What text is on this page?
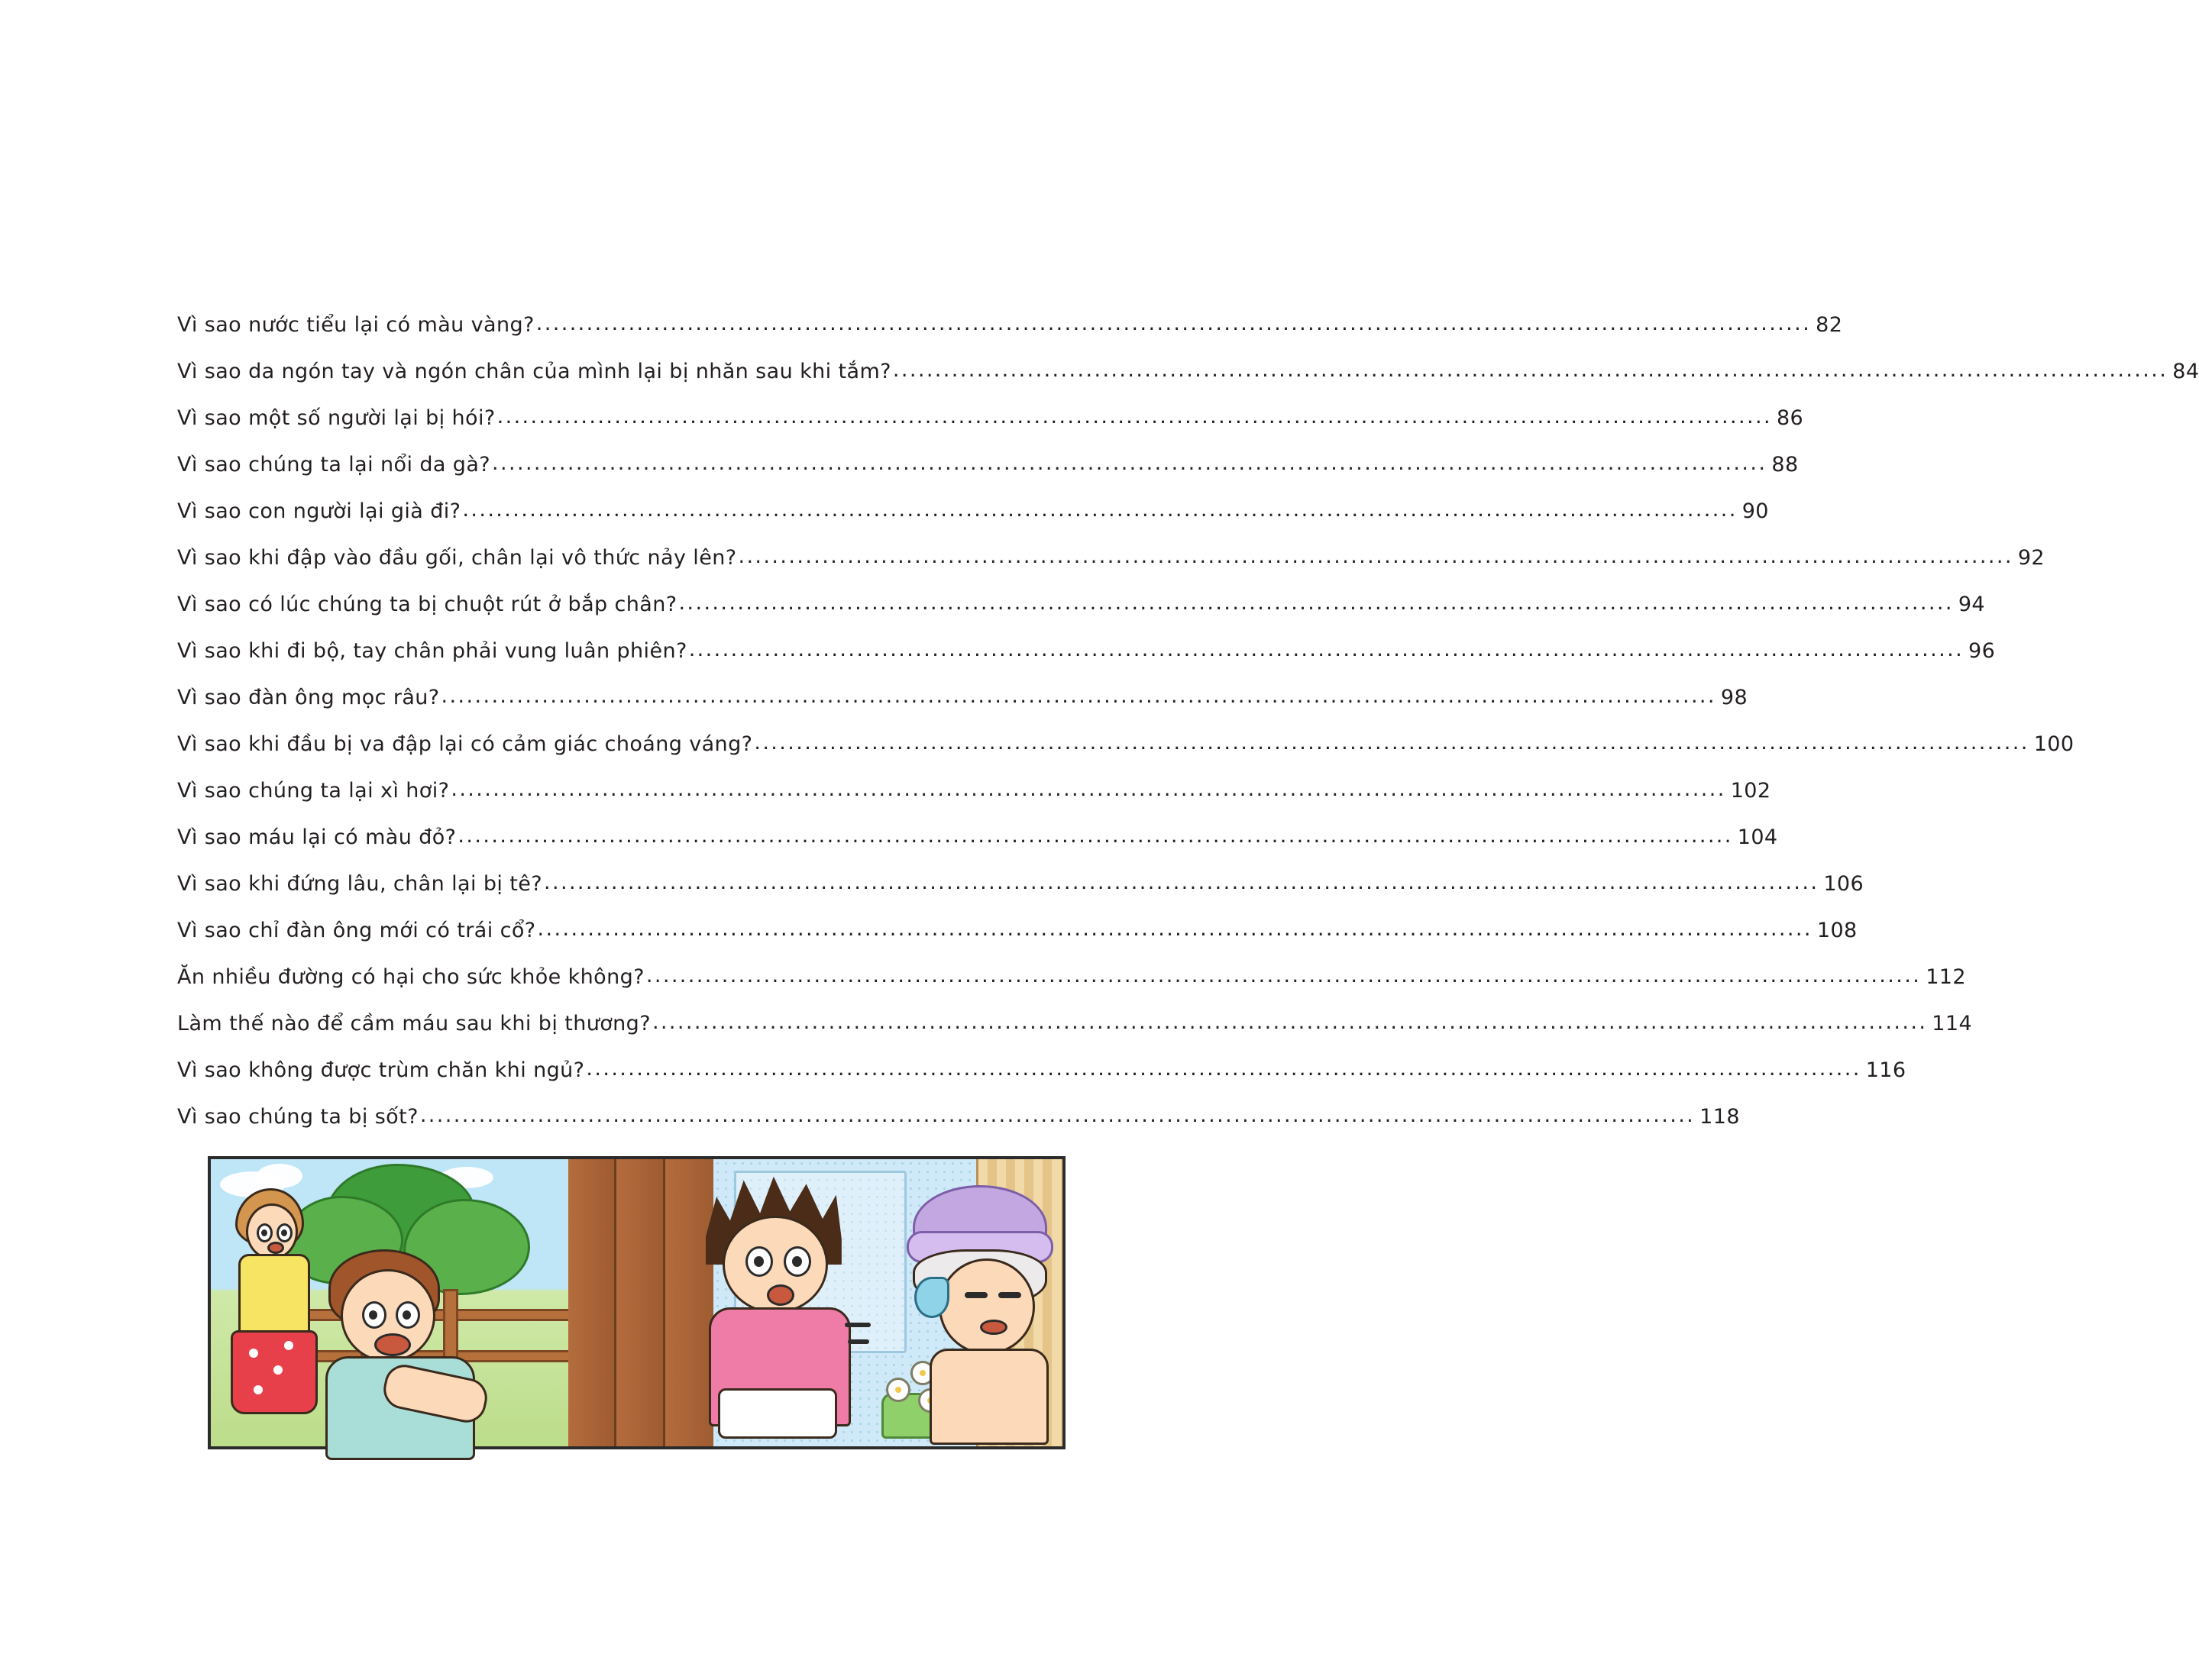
Vì sao nước tiểu lại có màu vàng? ........................................................................................................................................................ 82
Vì sao da ngón tay và ngón chân của mình lại bị nhăn sau khi tắm? ........................................................................................................................................................ 84
Vì sao một số người lại bị hói? ........................................................................................................................................................ 86
Vì sao chúng ta lại nổi da gà? ........................................................................................................................................................ 88
Vì sao con người lại già đi? ........................................................................................................................................................ 90
Vì sao khi đập vào đầu gối, chân lại vô thức nảy lên? ........................................................................................................................................................ 92
Vì sao có lúc chúng ta bị chuột rút ở bắp chân? ........................................................................................................................................................ 94
Vì sao khi đi bộ, tay chân phải vung luân phiên? ........................................................................................................................................................ 96
Vì sao đàn ông mọc râu? ........................................................................................................................................................ 98
Vì sao khi đầu bị va đập lại có cảm giác choáng váng? ........................................................................................................................................................ 100
Vì sao chúng ta lại xì hơi? ........................................................................................................................................................ 102
Vì sao máu lại có màu đỏ? ........................................................................................................................................................ 104
Vì sao khi đứng lâu, chân lại bị tê? ........................................................................................................................................................ 106
Vì sao chỉ đàn ông mới có trái cổ? ........................................................................................................................................................ 108
Ăn nhiều đường có hại cho sức khỏe không? ........................................................................................................................................................ 112
Làm thế nào để cầm máu sau khi bị thương? ........................................................................................................................................................ 114
Vì sao không được trùm chăn khi ngủ? ........................................................................................................................................................ 116
Vì sao chúng ta bị sốt? ........................................................................................................................................................ 118
